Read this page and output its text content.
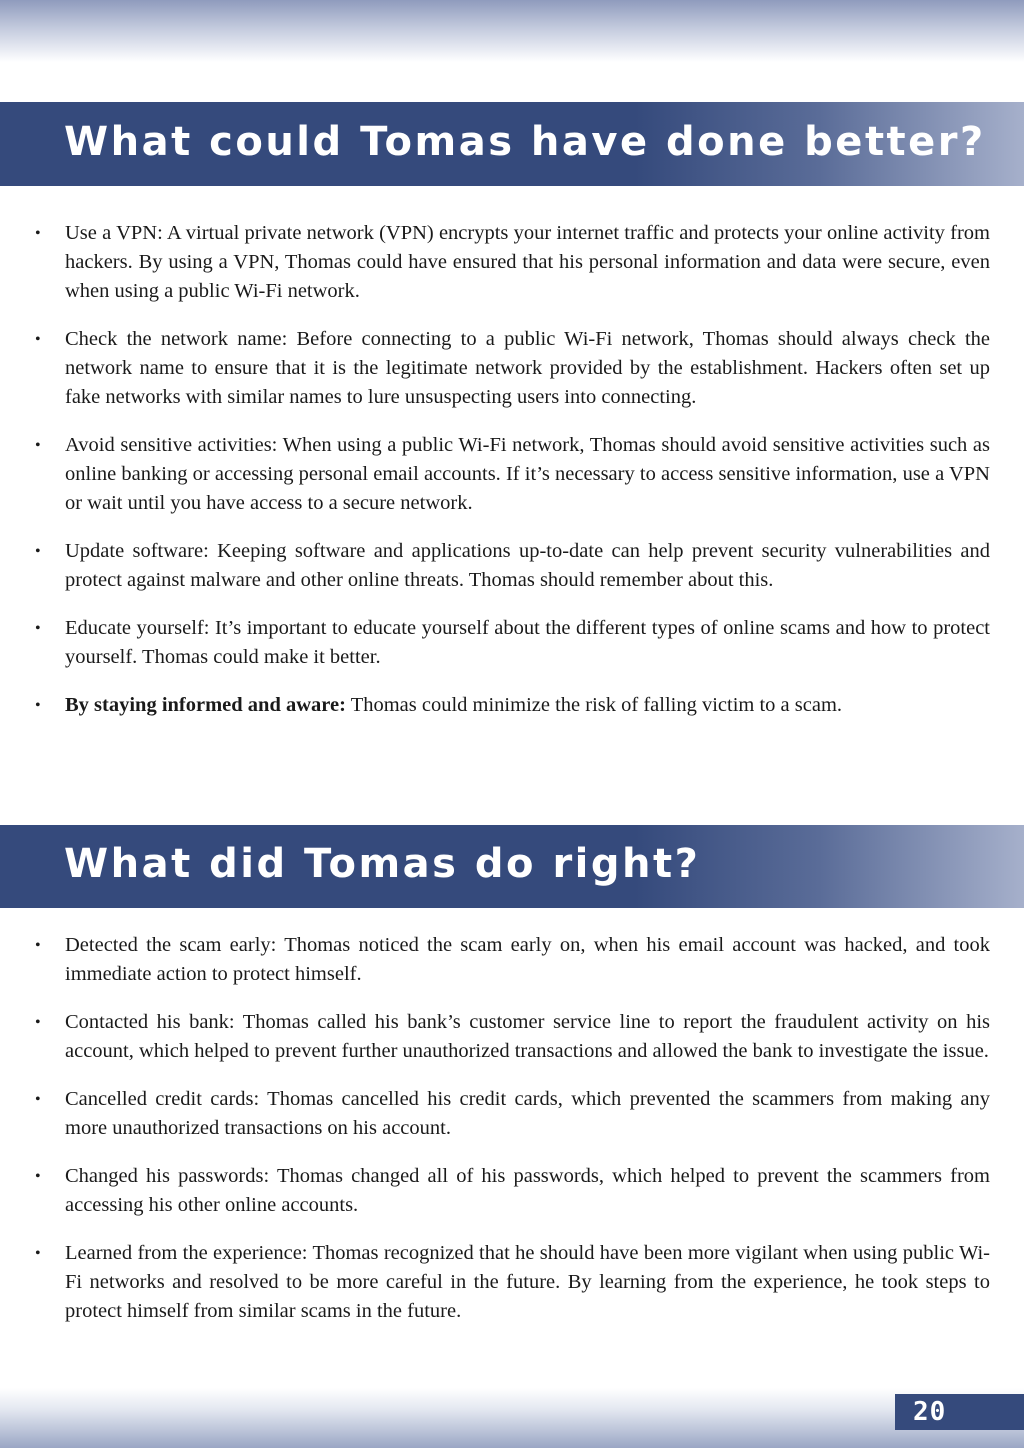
What could Tomas have done better?
• Use a VPN: A virtual private network (VPN) encrypts your internet traffic and protects your online activity from hackers. By using a VPN, Thomas could have ensured that his personal information and data were secure, even when using a public Wi-Fi network.
• Check the network name: Before connecting to a public Wi-Fi network, Thomas should always check the network name to ensure that it is the legitimate network provided by the establishment. Hackers often set up fake networks with similar names to lure unsuspecting users into connecting.
• Avoid sensitive activities: When using a public Wi-Fi network, Thomas should avoid sensitive activities such as online banking or accessing personal email accounts. If it’s necessary to access sensitive information, use a VPN or wait until you have access to a secure network.
• Update software: Keeping software and applications up-to-date can help prevent security vulnerabilities and protect against malware and other online threats. Thomas should remember about this.
• Educate yourself: It’s important to educate yourself about the different types of online scams and how to protect yourself. Thomas could make it better.
• By staying informed and aware: Thomas could minimize the risk of falling victim to a scam.
What did Tomas do right?
• Detected the scam early: Thomas noticed the scam early on, when his email account was hacked, and took immediate action to protect himself.
• Contacted his bank: Thomas called his bank’s customer service line to report the fraudulent activity on his account, which helped to prevent further unauthorized transactions and allowed the bank to investigate the issue.
• Cancelled credit cards: Thomas cancelled his credit cards, which prevented the scammers from making any more unauthorized transactions on his account.
• Changed his passwords: Thomas changed all of his passwords, which helped to prevent the scammers from accessing his other online accounts.
• Learned from the experience: Thomas recognized that he should have been more vigilant when using public Wi-Fi networks and resolved to be more careful in the future. By learning from the experience, he took steps to protect himself from similar scams in the future.
20
